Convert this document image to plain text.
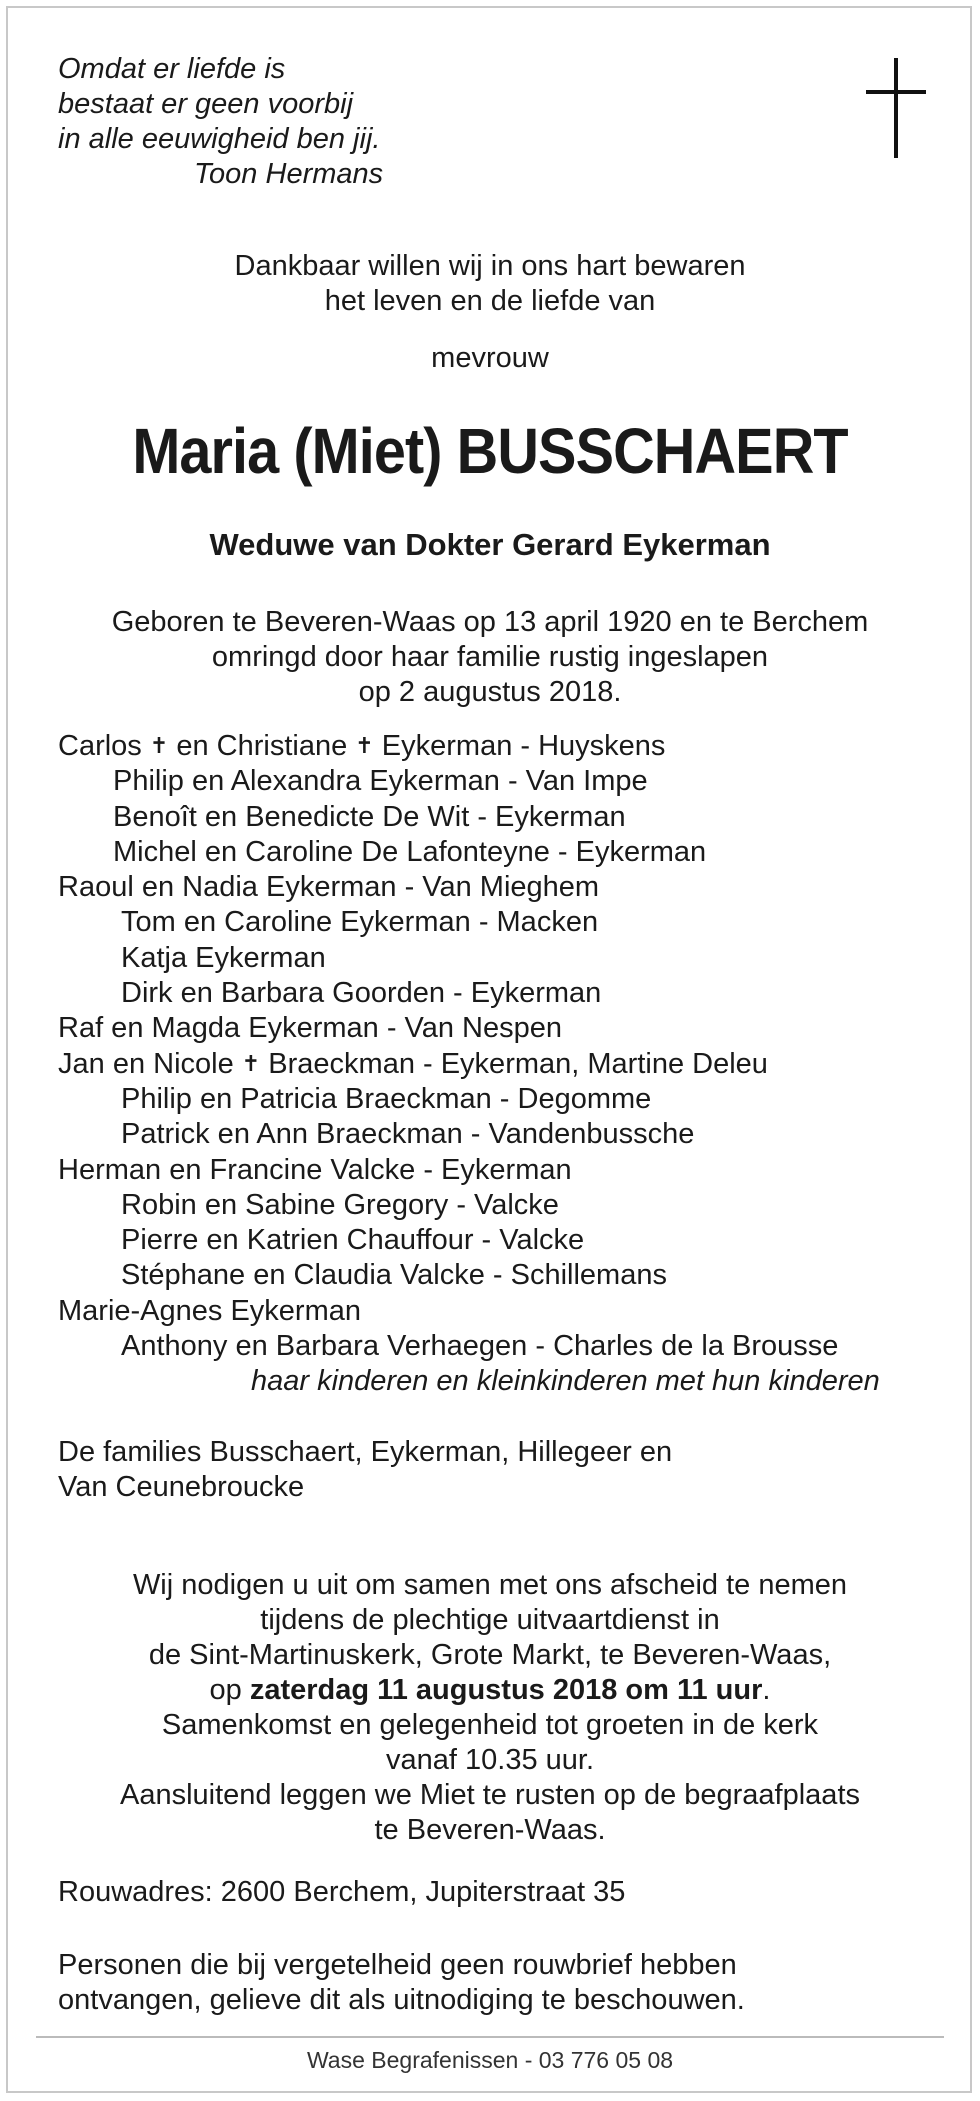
Omdat er liefde is
bestaat er geen voorbij
in alle eeuwigheid ben jij.
Toon Hermans
Dankbaar willen wij in ons hart bewaren
het leven en de liefde van
mevrouw
Maria (Miet) BUSSCHAERT
Weduwe van Dokter Gerard Eykerman
Geboren te Beveren-Waas op 13 april 1920 en te Berchem
omringd door haar familie rustig ingeslapen
op 2 augustus 2018.
Carlos ✝ en Christiane ✝ Eykerman - Huyskens
Philip en Alexandra Eykerman - Van Impe
Benoît en Benedicte De Wit - Eykerman
Michel en Caroline De Lafonteyne - Eykerman
Raoul en Nadia Eykerman - Van Mieghem
Tom en Caroline Eykerman - Macken
Katja Eykerman
Dirk en Barbara Goorden - Eykerman
Raf en Magda Eykerman - Van Nespen
Jan en Nicole ✝ Braeckman - Eykerman, Martine Deleu
Philip en Patricia Braeckman - Degomme
Patrick en Ann Braeckman - Vandenbussche
Herman en Francine Valcke - Eykerman
Robin en Sabine Gregory - Valcke
Pierre en Katrien Chauffour - Valcke
Stéphane en Claudia Valcke - Schillemans
Marie-Agnes Eykerman
Anthony en Barbara Verhaegen - Charles de la Brousse
haar kinderen en kleinkinderen met hun kinderen
De families Busschaert, Eykerman, Hillegeer en
Van Ceunebroucke
Wij nodigen u uit om samen met ons afscheid te nemen
tijdens de plechtige uitvaartdienst in
de Sint-Martinuskerk, Grote Markt, te Beveren-Waas,
op zaterdag 11 augustus 2018 om 11 uur.
Samenkomst en gelegenheid tot groeten in de kerk
vanaf 10.35 uur.
Aansluitend leggen we Miet te rusten op de begraafplaats
te Beveren-Waas.
Rouwadres: 2600 Berchem, Jupiterstraat 35
Personen die bij vergetelheid geen rouwbrief hebben
ontvangen, gelieve dit als uitnodiging te beschouwen.
Wase Begrafenissen - 03 776 05 08
